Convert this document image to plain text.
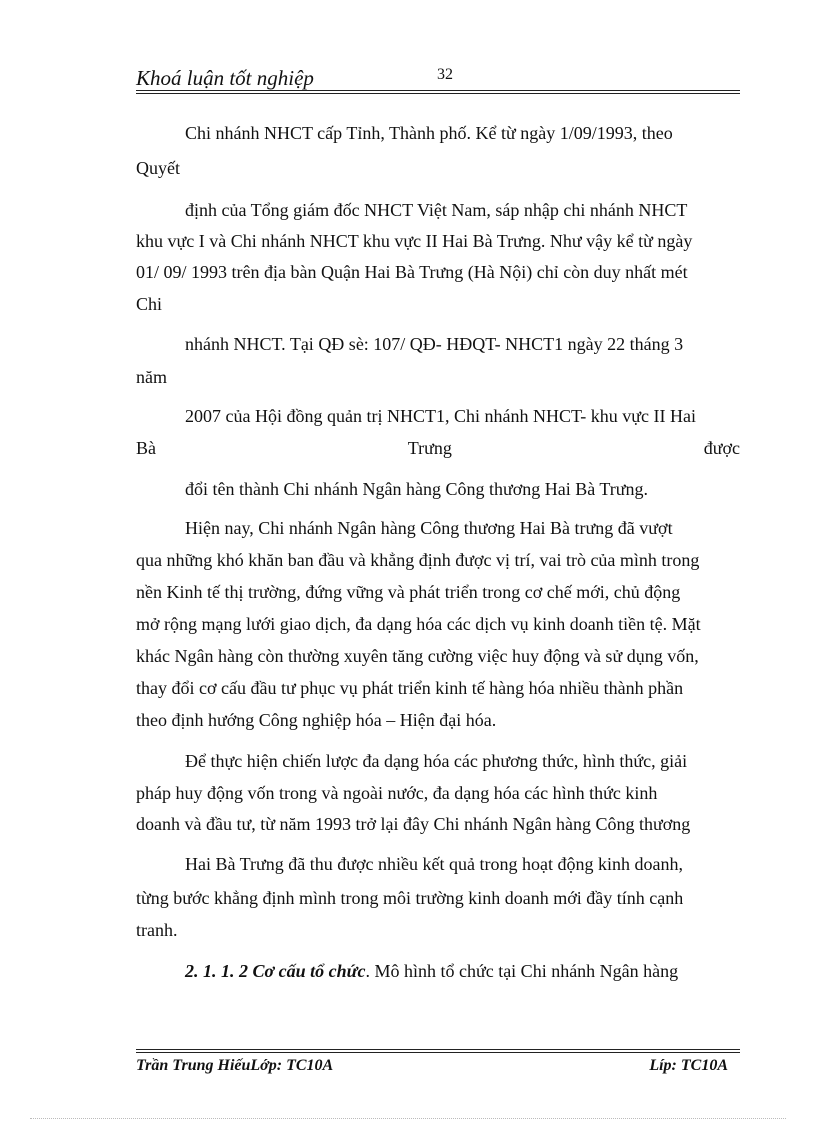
Khoá luận tốt nghiệp	32
Chi nhánh NHCT cấp Tỉnh, Thành phố. Kể từ ngày 1/09/1993, theo
Quyết
định của Tổng giám đốc NHCT Việt Nam, sáp nhập chi nhánh NHCT
khu vực I và Chi nhánh NHCT khu vực II Hai Bà Trưng. Như vậy kể từ ngày
01/ 09/ 1993 trên địa bàn Quận Hai Bà Trưng (Hà Nội) chỉ còn duy nhất mét
Chi
nhánh NHCT. Tại QĐ sè: 107/ QĐ- HĐQT- NHCT1 ngày 22 tháng 3
năm
2007 của Hội đồng quản trị NHCT1, Chi nhánh NHCT- khu vực II Hai
Bà	Trưng	được
đổi tên thành Chi nhánh Ngân hàng Công thương Hai Bà Trưng.
Hiện nay, Chi nhánh Ngân hàng Công thương Hai Bà trưng đã vượt
qua những khó khăn ban đầu và khẳng định được vị trí, vai trò của mình trong
nền Kinh tế thị trường, đứng vững và phát triển trong cơ chế mới, chủ động
mở rộng mạng lưới giao dịch, đa dạng hóa các dịch vụ kinh doanh tiền tệ. Mặt
khác Ngân hàng còn thường xuyên tăng cường việc huy động và sử dụng vốn,
thay đổi cơ cấu đầu tư phục vụ phát triển kinh tế hàng hóa nhiều thành phần
theo định hướng Công nghiệp hóa – Hiện đại hóa.
Để thực hiện chiến lược đa dạng hóa các phương thức, hình thức, giải
pháp huy động vốn trong và ngoài nước, đa dạng hóa các hình thức kinh
doanh và đầu tư, từ năm 1993 trở lại đây Chi nhánh Ngân hàng Công thương
Hai Bà Trưng đã thu được nhiều kết quả trong hoạt động kinh doanh,
từng bước khẳng định mình trong môi trường kinh doanh mới đầy tính cạnh
tranh.
2. 1. 1. 2 Cơ cấu tổ chức. Mô hình tổ chức tại Chi nhánh Ngân hàng
Trần Trung HiếuLớp: TC10A	Líp: TC10A
